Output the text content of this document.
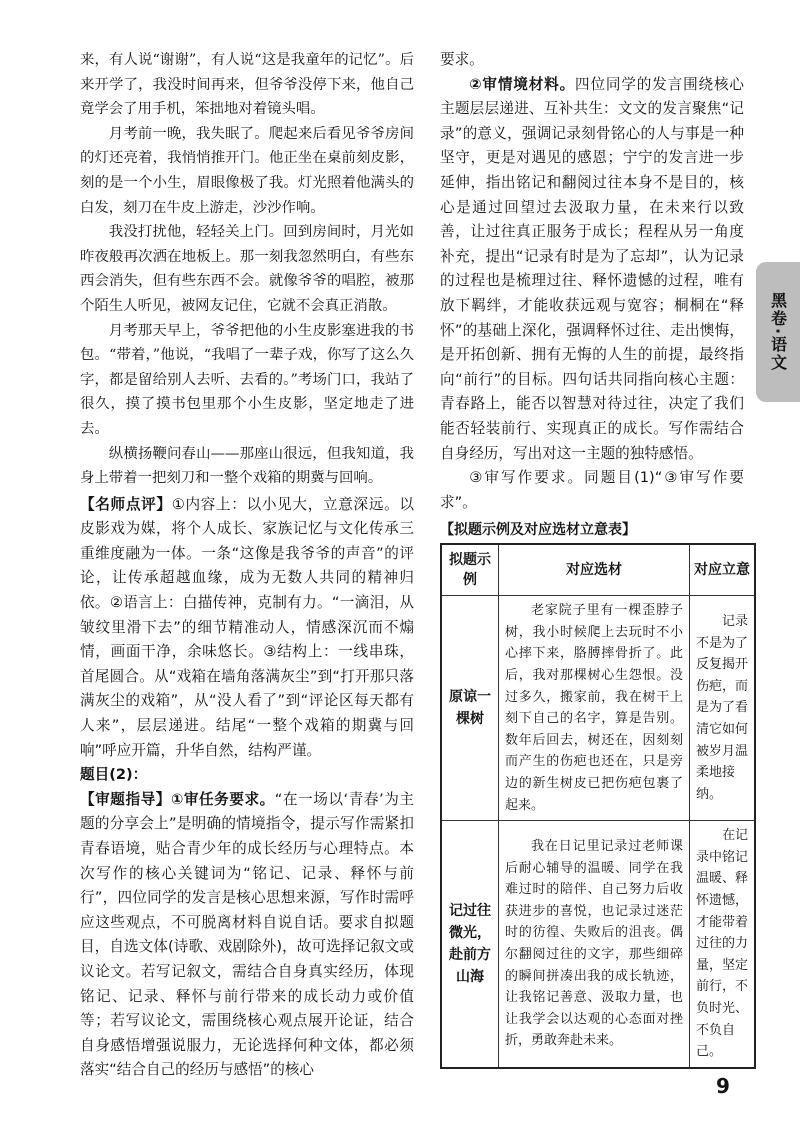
来，有人说“谢谢”，有人说“这是我童年的记忆”。后来开学了，我没时间再来，但爷爷没停下来，他自己竟学会了用手机，笨拙地对着镜头唱。

月考前一晚，我失眠了。爬起来后看见爷爷房间的灯还亮着，我悄悄推开门。他正坐在桌前刻皮影，刻的是一个小生，眉眼像极了我。灯光照着他满头的白发，刻刀在牛皮上游走，沙沙作响。

我没打扰他，轻轻关上门。回到房间时，月光如昨夜般再次洒在地板上。那一刻我忽然明白，有些东西会消失，但有些东西不会。就像爷爷的唱腔，被那个陌生人听见，被网友记住，它就不会真正消散。

月考那天早上，爷爷把他的小生皮影塞进我的书包。“带着，”他说，“我唱了一辈子戏，你写了这么久字，都是留给别人去听、去看的。”考场门口，我站了很久，摸了摸书包里那个小生皮影，坚定地走了进去。

纵横扬鞭问春山——那座山很远，但我知道，我身上带着一把刻刀和一整个戏箱的期冀与回响。

【名师点评】①内容上：以小见大，立意深远。以皮影戏为媒，将个人成长、家族记忆与文化传承三重维度融为一体。一条“这像是我爷爷的声音”的评论，让传承超越血缘，成为无数人共同的精神归依。②语言上：白描传神，克制有力。“一滴泪，从皱纹里滑下去”的细节精准动人，情感深沉而不煽情，画面干净，余味悠长。③结构上：一线串珠，首尾圆合。从“戏箱在墙角落满灰尘”到“打开那只落满灰尘的戏箱”，从“没人看了”到“评论区每天都有人来”，层层递进。结尾“一整个戏箱的期冀与回响”呼应开篇，升华自然，结构严谨。

题目(2)：

【审题指导】①审任务要求。“在一场以‘青春’为主题的分享会上”是明确的情境指令，提示写作需紧扣青春语境，贴合青少年的成长经历与心理特点。本次写作的核心关键词为“铭记、记录、释怀与前行”，四位同学的发言是核心思想来源，写作时需呼应这些观点，不可脱离材料自说自话。要求自拟题目，自选文体(诗歌、戏剧除外)，故可选择记叙文或议论文。若写记叙文，需结合自身真实经历，体现铭记、记录、释怀与前行带来的成长动力或价值等；若写议论文，需围绕核心观点展开论证，结合自身感悟增强说服力，无论选择何种文体，都必须落实“结合自己的经历与感悟”的核心

要求。

②审情境材料。四位同学的发言围绕核心主题层层递进、互补共生：文文的发言聚焦“记录”的意义，强调记录刻骨铭心的人与事是一种坚守，更是对遇见的感恩；宁宁的发言进一步延伸，指出铭记和翻阅过往本身不是目的，核心是通过回望过去汲取力量，在未来行以致善，让过往真正服务于成长；程程从另一角度补充，提出“记录有时是为了忘却”，认为记录的过程也是梳理过往、释怀遗憾的过程，唯有放下羁绊，才能收获远观与宽容；桐桐在“释怀”的基础上深化，强调释怀过往、走出懊悔，是开拓创新、拥有无悔的人生的前提，最终指向“前行”的目标。四句话共同指向核心主题：青春路上，能否以智慧对待过往，决定了我们能否轻装前行、实现真正的成长。写作需结合自身经历，写出对这一主题的独特感悟。

③审写作要求。同题目(1)“③审写作要求”。

【拟题示例及对应选材立意表】
拟题示例	对应选材	对应立意
原谅一棵树	老家院子里有一棵歪脖子树，我小时候爬上去玩时不小心摔下来，胳膊摔骨折了。此后，我对那棵树心生怨恨。没过多久，搬家前，我在树干上刻下自己的名字，算是告别。数年后回去，树还在，因刻刻而产生的伤疤也还在，只是旁边的新生树皮已把伤疤包裹了起来。	记录不是为了反复揭开伤疤，而是为了看清它如何被岁月温柔地接纳。
记过往微光，赴前方山海	我在日记里记录过老师课后耐心辅导的温暖、同学在我难过时的陪伴、自己努力后收获进步的喜悦，也记录过迷茫时的彷徨、失败后的沮丧。偶尔翻阅过往的文字，那些细碎的瞬间拼凑出我的成长轨迹，让我铭记善意、汲取力量，也让我学会以达观的心态面对挫折，勇敢奔赴未来。	在记录中铭记温暖、释怀遗憾，才能带着过往的力量，坚定前行，不负时光、不负自己。
黑卷·语文
9
